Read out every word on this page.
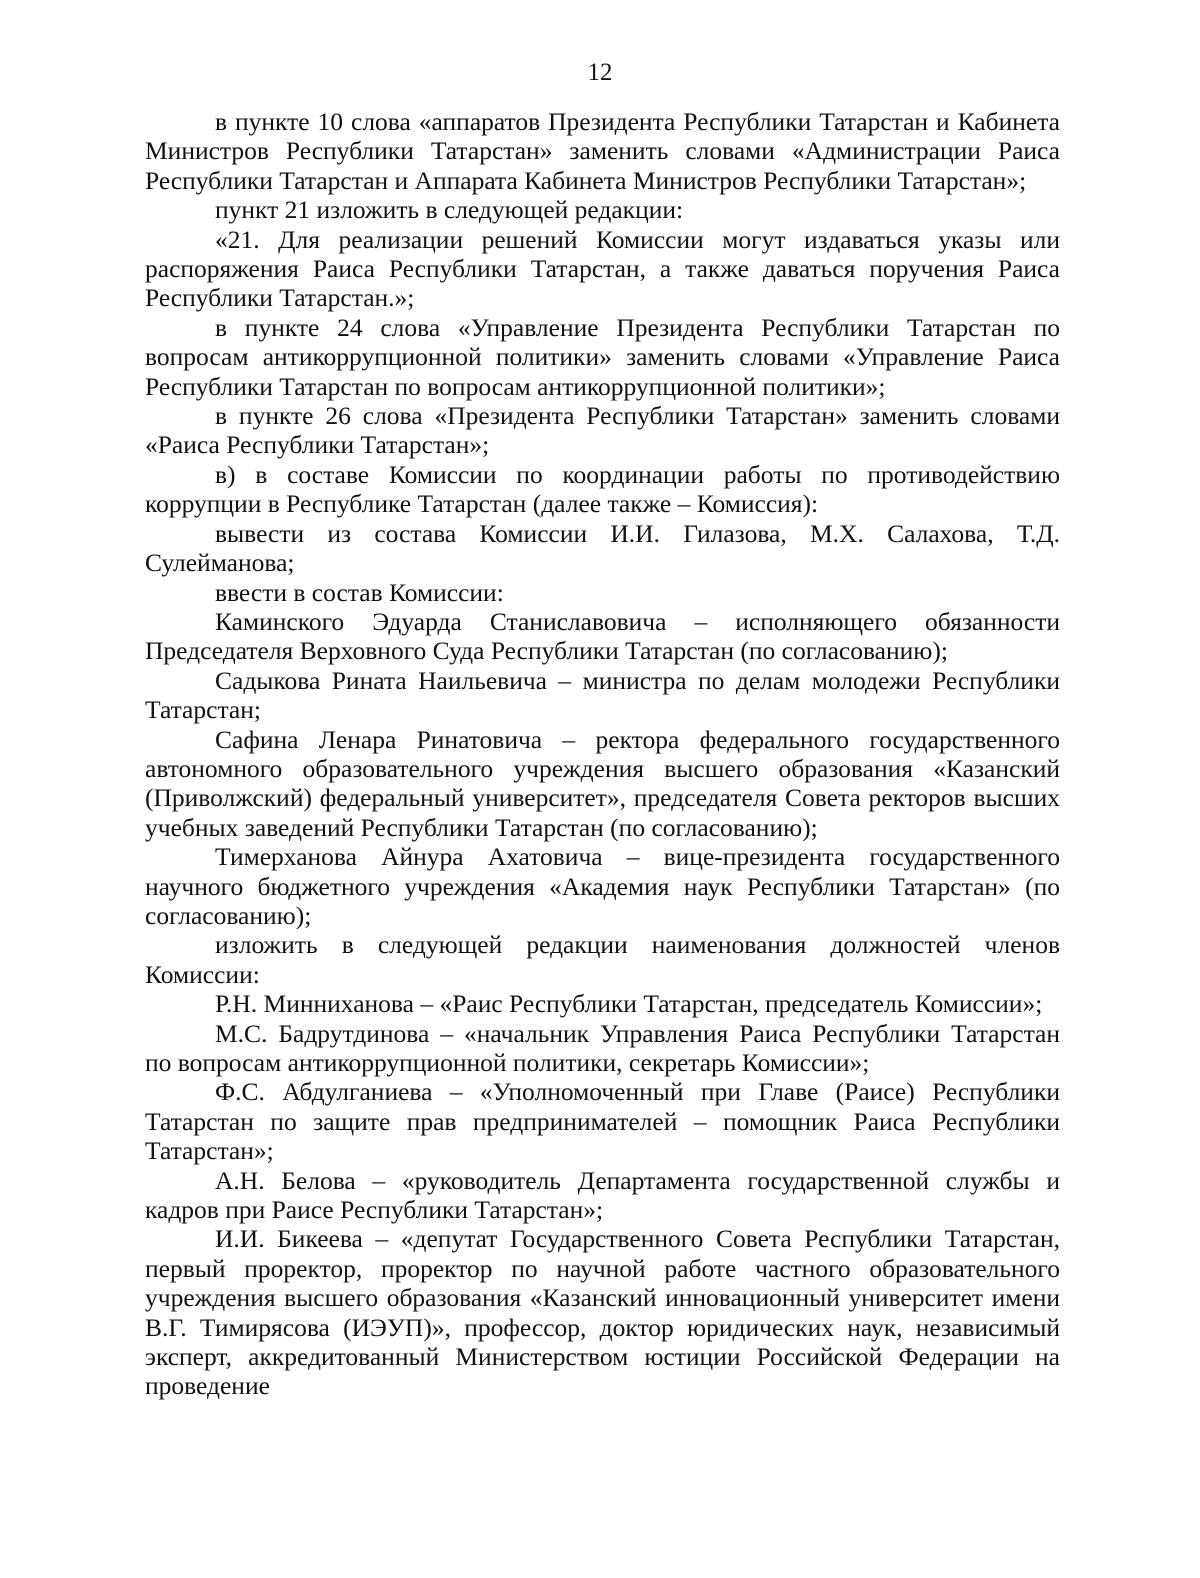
12

в пункте 10 слова «аппаратов Президента Республики Татарстан и Кабинета Министров Республики Татарстан» заменить словами «Администрации Раиса Республики Татарстан и Аппарата Кабинета Министров Республики Татарстан»;

пункт 21 изложить в следующей редакции:

«21. Для реализации решений Комиссии могут издаваться указы или распоряжения Раиса Республики Татарстан, а также даваться поручения Раиса Республики Татарстан.»;

в пункте 24 слова «Управление Президента Республики Татарстан по вопросам антикоррупционной политики» заменить словами «Управление Раиса Республики Татарстан по вопросам антикоррупционной политики»;

в пункте 26 слова «Президента Республики Татарстан» заменить словами «Раиса Республики Татарстан»;

в) в составе Комиссии по координации работы по противодействию коррупции в Республике Татарстан (далее также – Комиссия):

вывести из состава Комиссии И.И. Гилазова, М.Х. Салахова, Т.Д. Сулейманова;

ввести в состав Комиссии:

Каминского Эдуарда Станиславовича – исполняющего обязанности Председателя Верховного Суда Республики Татарстан (по согласованию);

Садыкова Рината Наильевича – министра по делам молодежи Республики Татарстан;

Сафина Ленара Ринатовича – ректора федерального государственного автономного образовательного учреждения высшего образования «Казанский (Приволжский) федеральный университет», председателя Совета ректоров высших учебных заведений Республики Татарстан (по согласованию);

Тимерханова Айнура Ахатовича – вице-президента государственного научного бюджетного учреждения «Академия наук Республики Татарстан» (по согласованию);

изложить в следующей редакции наименования должностей членов Комиссии:

Р.Н. Минниханова – «Раис Республики Татарстан, председатель Комиссии»;

М.С. Бадрутдинова – «начальник Управления Раиса Республики Татарстан по вопросам антикоррупционной политики, секретарь Комиссии»;

Ф.С. Абдулганиева – «Уполномоченный при Главе (Раисе) Республики Татарстан по защите прав предпринимателей – помощник Раиса Республики Татарстан»;

А.Н. Белова – «руководитель Департамента государственной службы и кадров при Раисе Республики Татарстан»;

И.И. Бикеева – «депутат Государственного Совета Республики Татарстан, первый проректор, проректор по научной работе частного образовательного учреждения высшего образования «Казанский инновационный университет имени В.Г. Тимирясова (ИЭУП)», профессор, доктор юридических наук, независимый эксперт, аккредитованный Министерством юстиции Российской Федерации на проведение
